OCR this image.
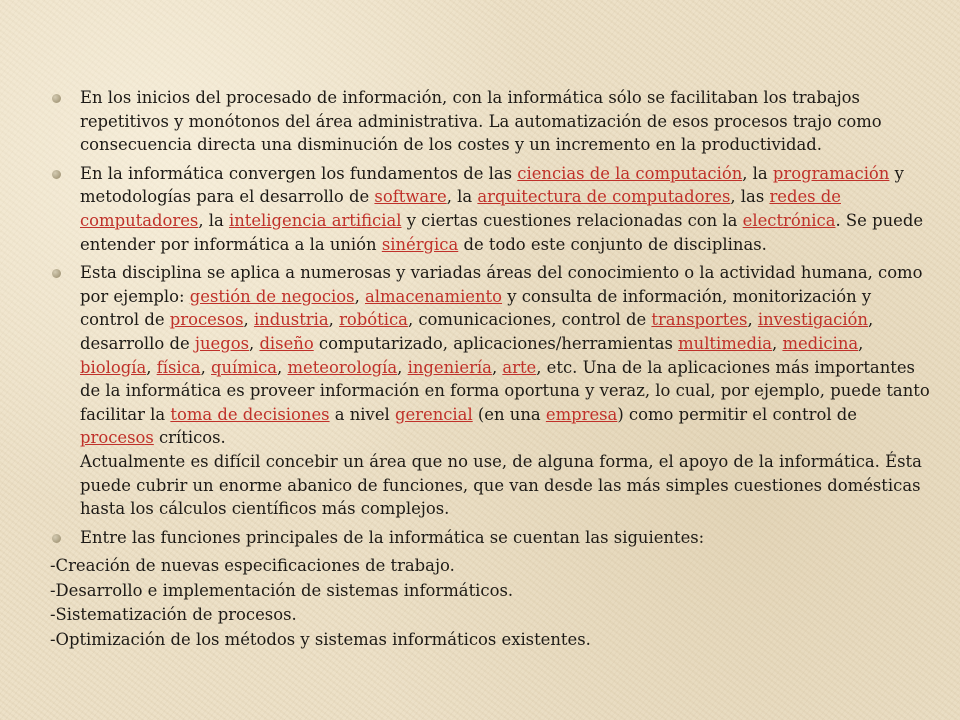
En los inicios del procesado de información, con la informática sólo se facilitaban los trabajos repetitivos y monótonos del área administrativa. La automatización de esos procesos trajo como consecuencia directa una disminución de los costes y un incremento en la productividad.
En la informática convergen los fundamentos de las ciencias de la computación, la programación y metodologías para el desarrollo de software, la arquitectura de computadores, las redes de computadores, la inteligencia artificial y ciertas cuestiones relacionadas con la electrónica. Se puede entender por informática a la unión sinérgica de todo este conjunto de disciplinas.
Esta disciplina se aplica a numerosas y variadas áreas del conocimiento o la actividad humana, como por ejemplo: gestión de negocios, almacenamiento y consulta de información, monitorización y control de procesos, industria, robótica, comunicaciones, control de transportes, investigación, desarrollo de juegos, diseño computarizado, aplicaciones/herramientas multimedia, medicina, biología, física, química, meteorología, ingeniería, arte, etc. Una de la aplicaciones más importantes de la informática es proveer información en forma oportuna y veraz, lo cual, por ejemplo, puede tanto facilitar la toma de decisiones a nivel gerencial (en una empresa) como permitir el control de procesos críticos.
Actualmente es difícil concebir un área que no use, de alguna forma, el apoyo de la informática. Ésta puede cubrir un enorme abanico de funciones, que van desde las más simples cuestiones domésticas hasta los cálculos científicos más complejos.
Entre las funciones principales de la informática se cuentan las siguientes:
-Creación de nuevas especificaciones de trabajo.
-Desarrollo e implementación de sistemas informáticos.
-Sistematización de procesos.
-Optimización de los métodos y sistemas informáticos existentes.
